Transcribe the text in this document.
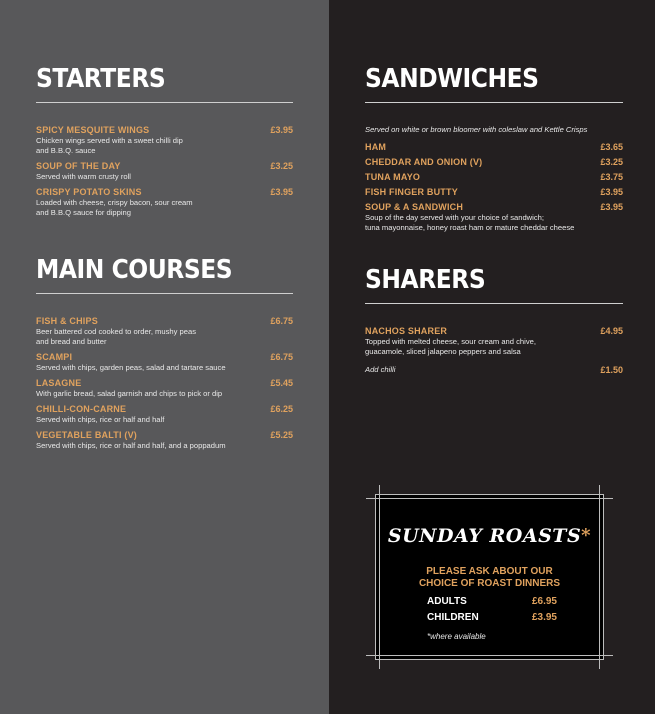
STARTERS
SPICY MESQUITE WINGS	£3.95
Chicken wings served with a sweet chilli dip
and B.B.Q. sauce
SOUP OF THE DAY	£3.25
Served with warm crusty roll
CRISPY POTATO SKINS	£3.95
Loaded with cheese, crispy bacon, sour cream
and B.B.Q sauce for dipping
MAIN COURSES
FISH & CHIPS	£6.75
Beer battered cod cooked to order, mushy peas
and bread and butter
SCAMPI	£6.75
Served with chips, garden peas, salad and tartare sauce
LASAGNE	£5.45
With garlic bread, salad garnish and chips to pick or dip
CHILLI-CON-CARNE	£6.25
Served with chips, rice or half and half
VEGETABLE BALTI (V)	£5.25
Served with chips, rice or half and half, and a poppadum
SANDWICHES
Served on white or brown bloomer with coleslaw and Kettle Crisps
HAM	£3.65
CHEDDAR AND ONION (V)	£3.25
TUNA MAYO	£3.75
FISH FINGER BUTTY	£3.95
SOUP & A SANDWICH	£3.95
Soup of the day served with your choice of sandwich;
tuna mayonnaise, honey roast ham or mature cheddar cheese
SHARERS
NACHOS SHARER	£4.95
Topped with melted cheese, sour cream and chive,
guacamole, sliced jalapeno peppers and salsa
Add chilli	£1.50
SUNDAY ROASTS*
PLEASE ASK ABOUT OUR
CHOICE OF ROAST DINNERS
ADULTS	£6.95
CHILDREN	£3.95
*where available
